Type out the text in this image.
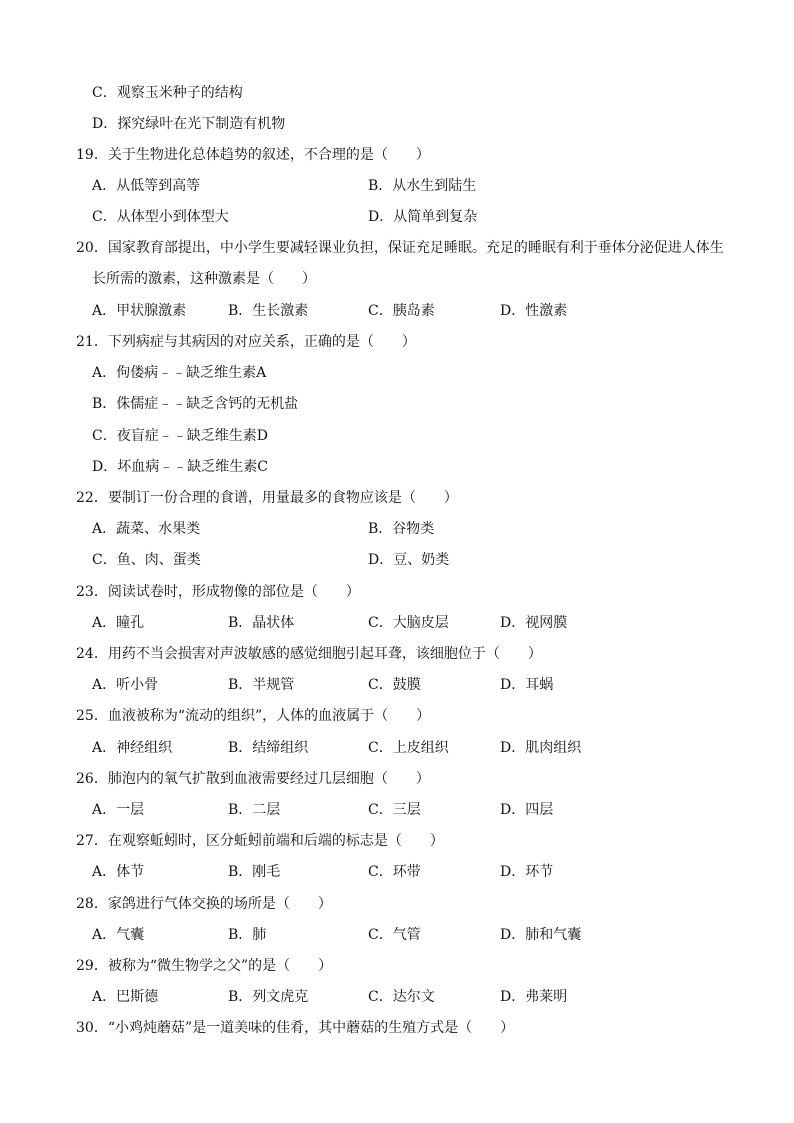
C．观察玉米种子的结构
D．探究绿叶在光下制造有机物
19．关于生物进化总体趋势的叙述，不合理的是（　　）
A．从低等到高等	B．从水生到陆生
C．从体型小到体型大	D．从简单到复杂
20．国家教育部提出，中小学生要减轻课业负担，保证充足睡眠。充足的睡眠有利于垂体分泌促进人体生
长所需的激素，这种激素是（　　）
A．甲状腺激素	B．生长激素	C．胰岛素	D．性激素
21．下列病症与其病因的对应关系，正确的是（　　）
A．佝偻病﹣﹣缺乏维生素A
B．侏儒症﹣﹣缺乏含钙的无机盐
C．夜盲症﹣﹣缺乏维生素D
D．坏血病﹣﹣缺乏维生素C
22．要制订一份合理的食谱，用量最多的食物应该是（　　）
A．蔬菜、水果类	B．谷物类
C．鱼、肉、蛋类	D．豆、奶类
23．阅读试卷时，形成物像的部位是（　　）
A．瞳孔	B．晶状体	C．大脑皮层	D．视网膜
24．用药不当会损害对声波敏感的感觉细胞引起耳聋，该细胞位于（　　）
A．听小骨	B．半规管	C．鼓膜	D．耳蜗
25．血液被称为“流动的组织”，人体的血液属于（　　）
A．神经组织	B．结缔组织	C．上皮组织	D．肌肉组织
26．肺泡内的氧气扩散到血液需要经过几层细胞（　　）
A．一层	B．二层	C．三层	D．四层
27．在观察蚯蚓时，区分蚯蚓前端和后端的标志是（　　）
A．体节	B．刚毛	C．环带	D．环节
28．家鸽进行气体交换的场所是（　　）
A．气囊	B．肺	C．气管	D．肺和气囊
29．被称为“微生物学之父”的是（　　）
A．巴斯德	B．列文虎克	C．达尔文	D．弗莱明
30．“小鸡炖蘑菇”是一道美味的佳肴，其中蘑菇的生殖方式是（　　）
